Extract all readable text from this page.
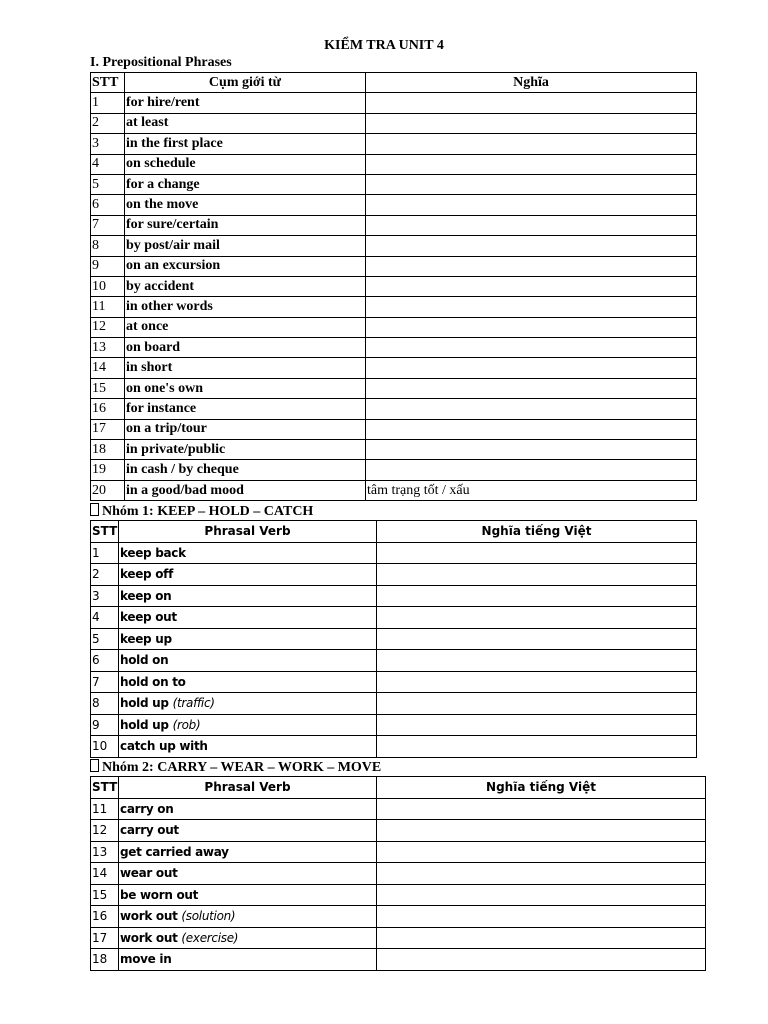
KIỂM TRA UNIT 4
I. Prepositional Phrases
STT	Cụm giới từ	Nghĩa
1	for hire/rent	
2	at least	
3	in the first place	
4	on schedule	
5	for a change	
6	on the move	
7	for sure/certain	
8	by post/air mail	
9	on an excursion	
10	by accident	
11	in other words	
12	at once	
13	on board	
14	in short	
15	on one's own	
16	for instance	
17	on a trip/tour	
18	in private/public	
19	in cash / by cheque	
20	in a good/bad mood	tâm trạng tốt / xấu
Nhóm 1: KEEP – HOLD – CATCH
STT	Phrasal Verb	Nghĩa tiếng Việt
1	keep back	
2	keep off	
3	keep on	
4	keep out	
5	keep up	
6	hold on	
7	hold on to	
8	hold up (traffic)	
9	hold up (rob)	
10	catch up with	
Nhóm 2: CARRY – WEAR – WORK – MOVE
STT	Phrasal Verb	Nghĩa tiếng Việt
11	carry on	
12	carry out	
13	get carried away	
14	wear out	
15	be worn out	
16	work out (solution)	
17	work out (exercise)	
18	move in	
